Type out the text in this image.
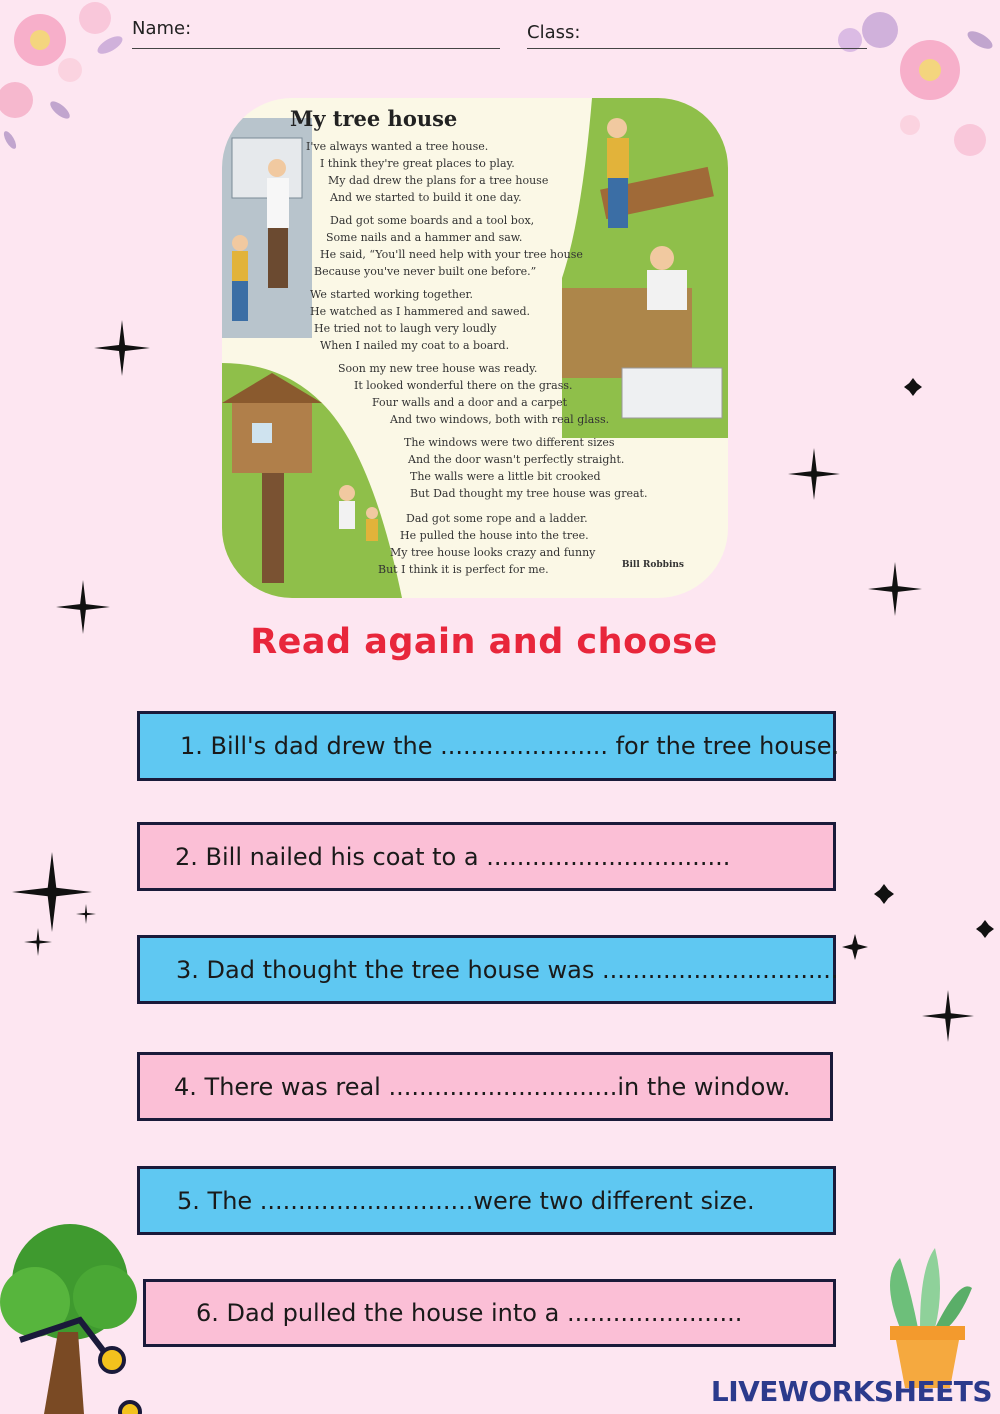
Name:	Class:
My tree house
I've always wanted a tree house.
I think they're great places to play.
My dad drew the plans for a tree house
And we started to build it one day.
Dad got some boards and a tool box,
Some nails and a hammer and saw.
He said, “You'll need help with your tree house
Because you've never built one before.”
We started working together.
He watched as I hammered and sawed.
He tried not to laugh very loudly
When I nailed my coat to a board.
Soon my new tree house was ready.
It looked wonderful there on the grass.
Four walls and a door and a carpet
And two windows, both with real glass.
The windows were two different sizes
And the door wasn't perfectly straight.
The walls were a little bit crooked
But Dad thought my tree house was great.
Dad got some rope and a ladder.
He pulled the house into the tree.
My tree house looks crazy and funny
But I think it is perfect for me.	Bill Robbins
Read again and choose
1. Bill's dad drew the ...................... for the tree house.
2. Bill nailed his coat to a ................................
3. Dad thought the tree house was ...............................
4. There was real ..............................in the window.
5. The ............................were two different size.
6. Dad pulled the house into a .......................
LIVEWORKSHEETS
